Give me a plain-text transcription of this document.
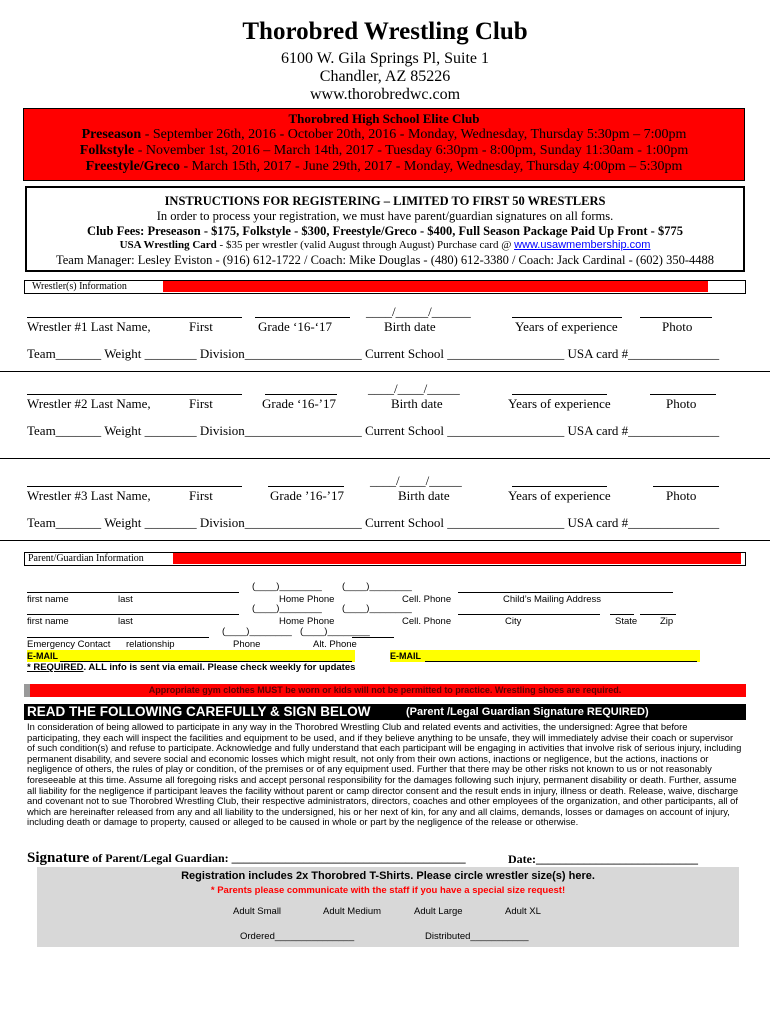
Thorobred Wrestling Club
6100 W. Gila Springs Pl, Suite 1
Chandler, AZ 85226
www.thorobredwc.com
Thorobred High School Elite Club
Preseason - September 26th, 2016 - October 20th, 2016 - Monday, Wednesday, Thursday 5:30pm – 7:00pm
Folkstyle - November 1st, 2016 – March 14th, 2017 - Tuesday 6:30pm - 8:00pm, Sunday 11:30am - 1:00pm
Freestyle/Greco - March 15th, 2017 - June 29th, 2017 - Monday, Wednesday, Thursday 4:00pm – 5:30pm
INSTRUCTIONS FOR REGISTERING – LIMITED TO FIRST 50 WRESTLERS
In order to process your registration, we must have parent/guardian signatures on all forms.
Club Fees: Preseason - $175, Folkstyle - $300, Freestyle/Greco - $400, Full Season Package Paid Up Front - $775
USA Wrestling Card - $35 per wrestler (valid August through August) Purchase card @ www.usawmembership.com
Team Manager: Lesley Eviston - (916) 612-1722 / Coach: Mike Douglas - (480) 612-3380 / Coach: Jack Cardinal - (602) 350-4488
Wrestler(s) Information
____/_____/______
Wrestler #1 Last Name,	First	Grade ‘16-‘17	Birth date	Years of experience	Photo
Team_______ Weight ________ Division__________________ Current School __________________ USA card #______________
____/____/_____
Wrestler #2 Last Name,	First	Grade ‘16-’17	Birth date	Years of experience	Photo
Team_______ Weight ________ Division__________________ Current School __________________ USA card #______________
____/____/_____
Wrestler #3 Last Name,	First	Grade ’16-’17	Birth date	Years of experience	Photo
Team_______ Weight ________ Division__________________ Current School __________________ USA card #______________
Parent/Guardian Information
(____)________ (____)________
first name	last	Home Phone	Cell. Phone	Child’s Mailing Address
(____)________ (____)________
first name	last	Home Phone	Cell. Phone	City	State Zip
(____)________ (____)________
Emergency Contact relationship	Phone	Alt. Phone
E-MAIL	E-MAIL
* REQUIRED. ALL info is sent via email. Please check weekly for updates
Appropriate gym clothes MUST be worn or kids will not be permitted to practice. Wrestling shoes are required.
READ THE FOLLOWING CAREFULLY & SIGN BELOW	(Parent /Legal Guardian Signature REQUIRED)
In consideration of being allowed to participate in any way in the Thorobred Wrestling Club and related events and activities, the undersigned: Agree that before participating, they each will inspect the facilities and equipment to be used, and if they believe anything to be unsafe, they will immediately advise their coach or supervisor of such condition(s) and refuse to participate. Acknowledge and fully understand that each participant will be engaging in activities that involve risk of serious injury, including permanent disability, and severe social and economic losses which might result, not only from their own actions, inactions or negligence, but the actions, inactions or negligence of others, the rules of play or condition, of the premises or of any equipment used. Further that there may be other risks not known to us or not reasonably foreseeable at this time. Assume all foregoing risks and accept personal responsibility for the damages following such injury, permanent disability or death. Further, assume all liability for the negligence if participant leaves the facility without parent or camp director consent and the result ends in injury, illness or death. Release, waive, discharge and covenant not to sue Thorobred Wrestling Club, their respective administrators, directors, coaches and other employees of the organization, and other participants, all of which are hereinafter released from any and all liability to the undersigned, his or her next of kin, for any and all claims, demands, losses or damages on account of injury, including death or damage to property, caused or alleged to be caused in whole or part by the negligence of the release or otherwise.
Signature of Parent/Legal Guardian: _______________________________________	Date:___________________________
Registration includes 2x Thorobred T-Shirts. Please circle wrestler size(s) here.
* Parents please communicate with the staff if you have a special size request!
Adult Small	Adult Medium	Adult Large	Adult XL
Ordered_______________	Distributed___________
